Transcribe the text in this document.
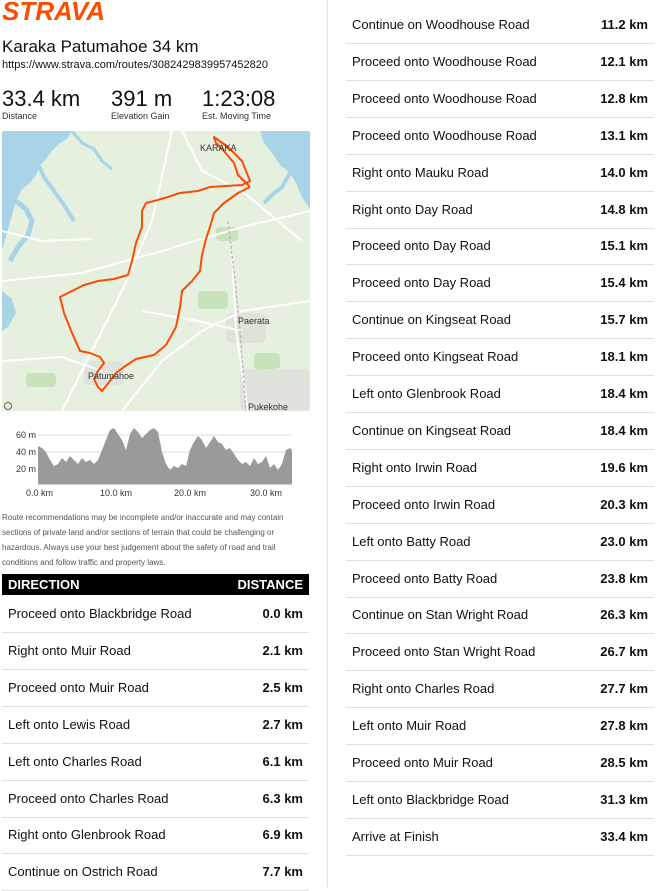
STRAVA
Karaka Patumahoe 34 km
https://www.strava.com/routes/3082429839957452820
33.4 km
Distance
391 m
Elevation Gain
1:23:08
Est. Moving Time
KARAKA
Paerata
Patumahoe
Pukekohe
60 m
40 m
20 m
0.0 km	10.0 km	20.0 km	30.0 km
Route recommendations may be incomplete and/or inaccurate and may contain sections of private land and/or sections of terrain that could be challenging or hazardous. Always use your best judgement about the safety of road and trail conditions and follow traffic and property laws.
DIRECTION	DISTANCE
Proceed onto Blackbridge Road	0.0 km
Right onto Muir Road	2.1 km
Proceed onto Muir Road	2.5 km
Left onto Lewis Road	2.7 km
Left onto Charles Road	6.1 km
Proceed onto Charles Road	6.3 km
Right onto Glenbrook Road	6.9 km
Continue on Ostrich Road	7.7 km
Continue on Woodhouse Road	11.2 km
Proceed onto Woodhouse Road	12.1 km
Proceed onto Woodhouse Road	12.8 km
Proceed onto Woodhouse Road	13.1 km
Right onto Mauku Road	14.0 km
Right onto Day Road	14.8 km
Proceed onto Day Road	15.1 km
Proceed onto Day Road	15.4 km
Continue on Kingseat Road	15.7 km
Proceed onto Kingseat Road	18.1 km
Left onto Glenbrook Road	18.4 km
Continue on Kingseat Road	18.4 km
Right onto Irwin Road	19.6 km
Proceed onto Irwin Road	20.3 km
Left onto Batty Road	23.0 km
Proceed onto Batty Road	23.8 km
Continue on Stan Wright Road	26.3 km
Proceed onto Stan Wright Road	26.7 km
Right onto Charles Road	27.7 km
Left onto Muir Road	27.8 km
Proceed onto Muir Road	28.5 km
Left onto Blackbridge Road	31.3 km
Arrive at Finish	33.4 km
